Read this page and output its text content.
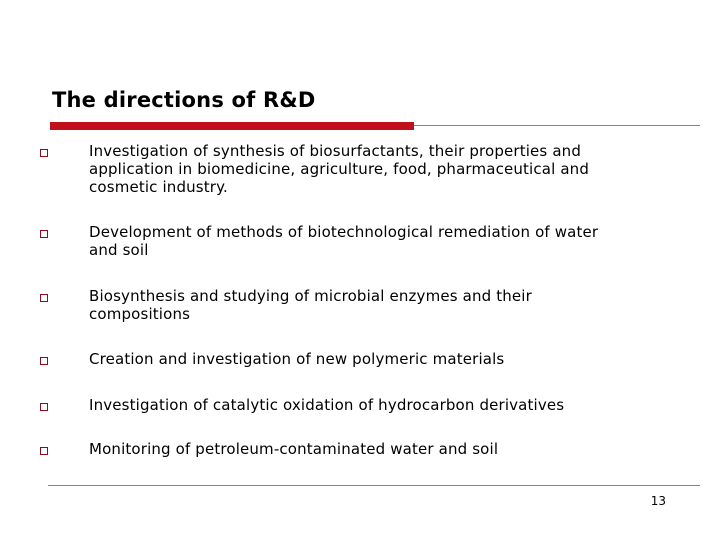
The directions of R&D
Investigation of synthesis of biosurfactants, their properties and application in biomedicine, agriculture, food, pharmaceutical and cosmetic industry.
Development of methods of biotechnological remediation of water and soil
Biosynthesis and studying of microbial enzymes and their compositions
Creation and investigation of new polymeric materials
Investigation of catalytic oxidation of hydrocarbon derivatives
Monitoring of petroleum-contaminated water and soil
13
